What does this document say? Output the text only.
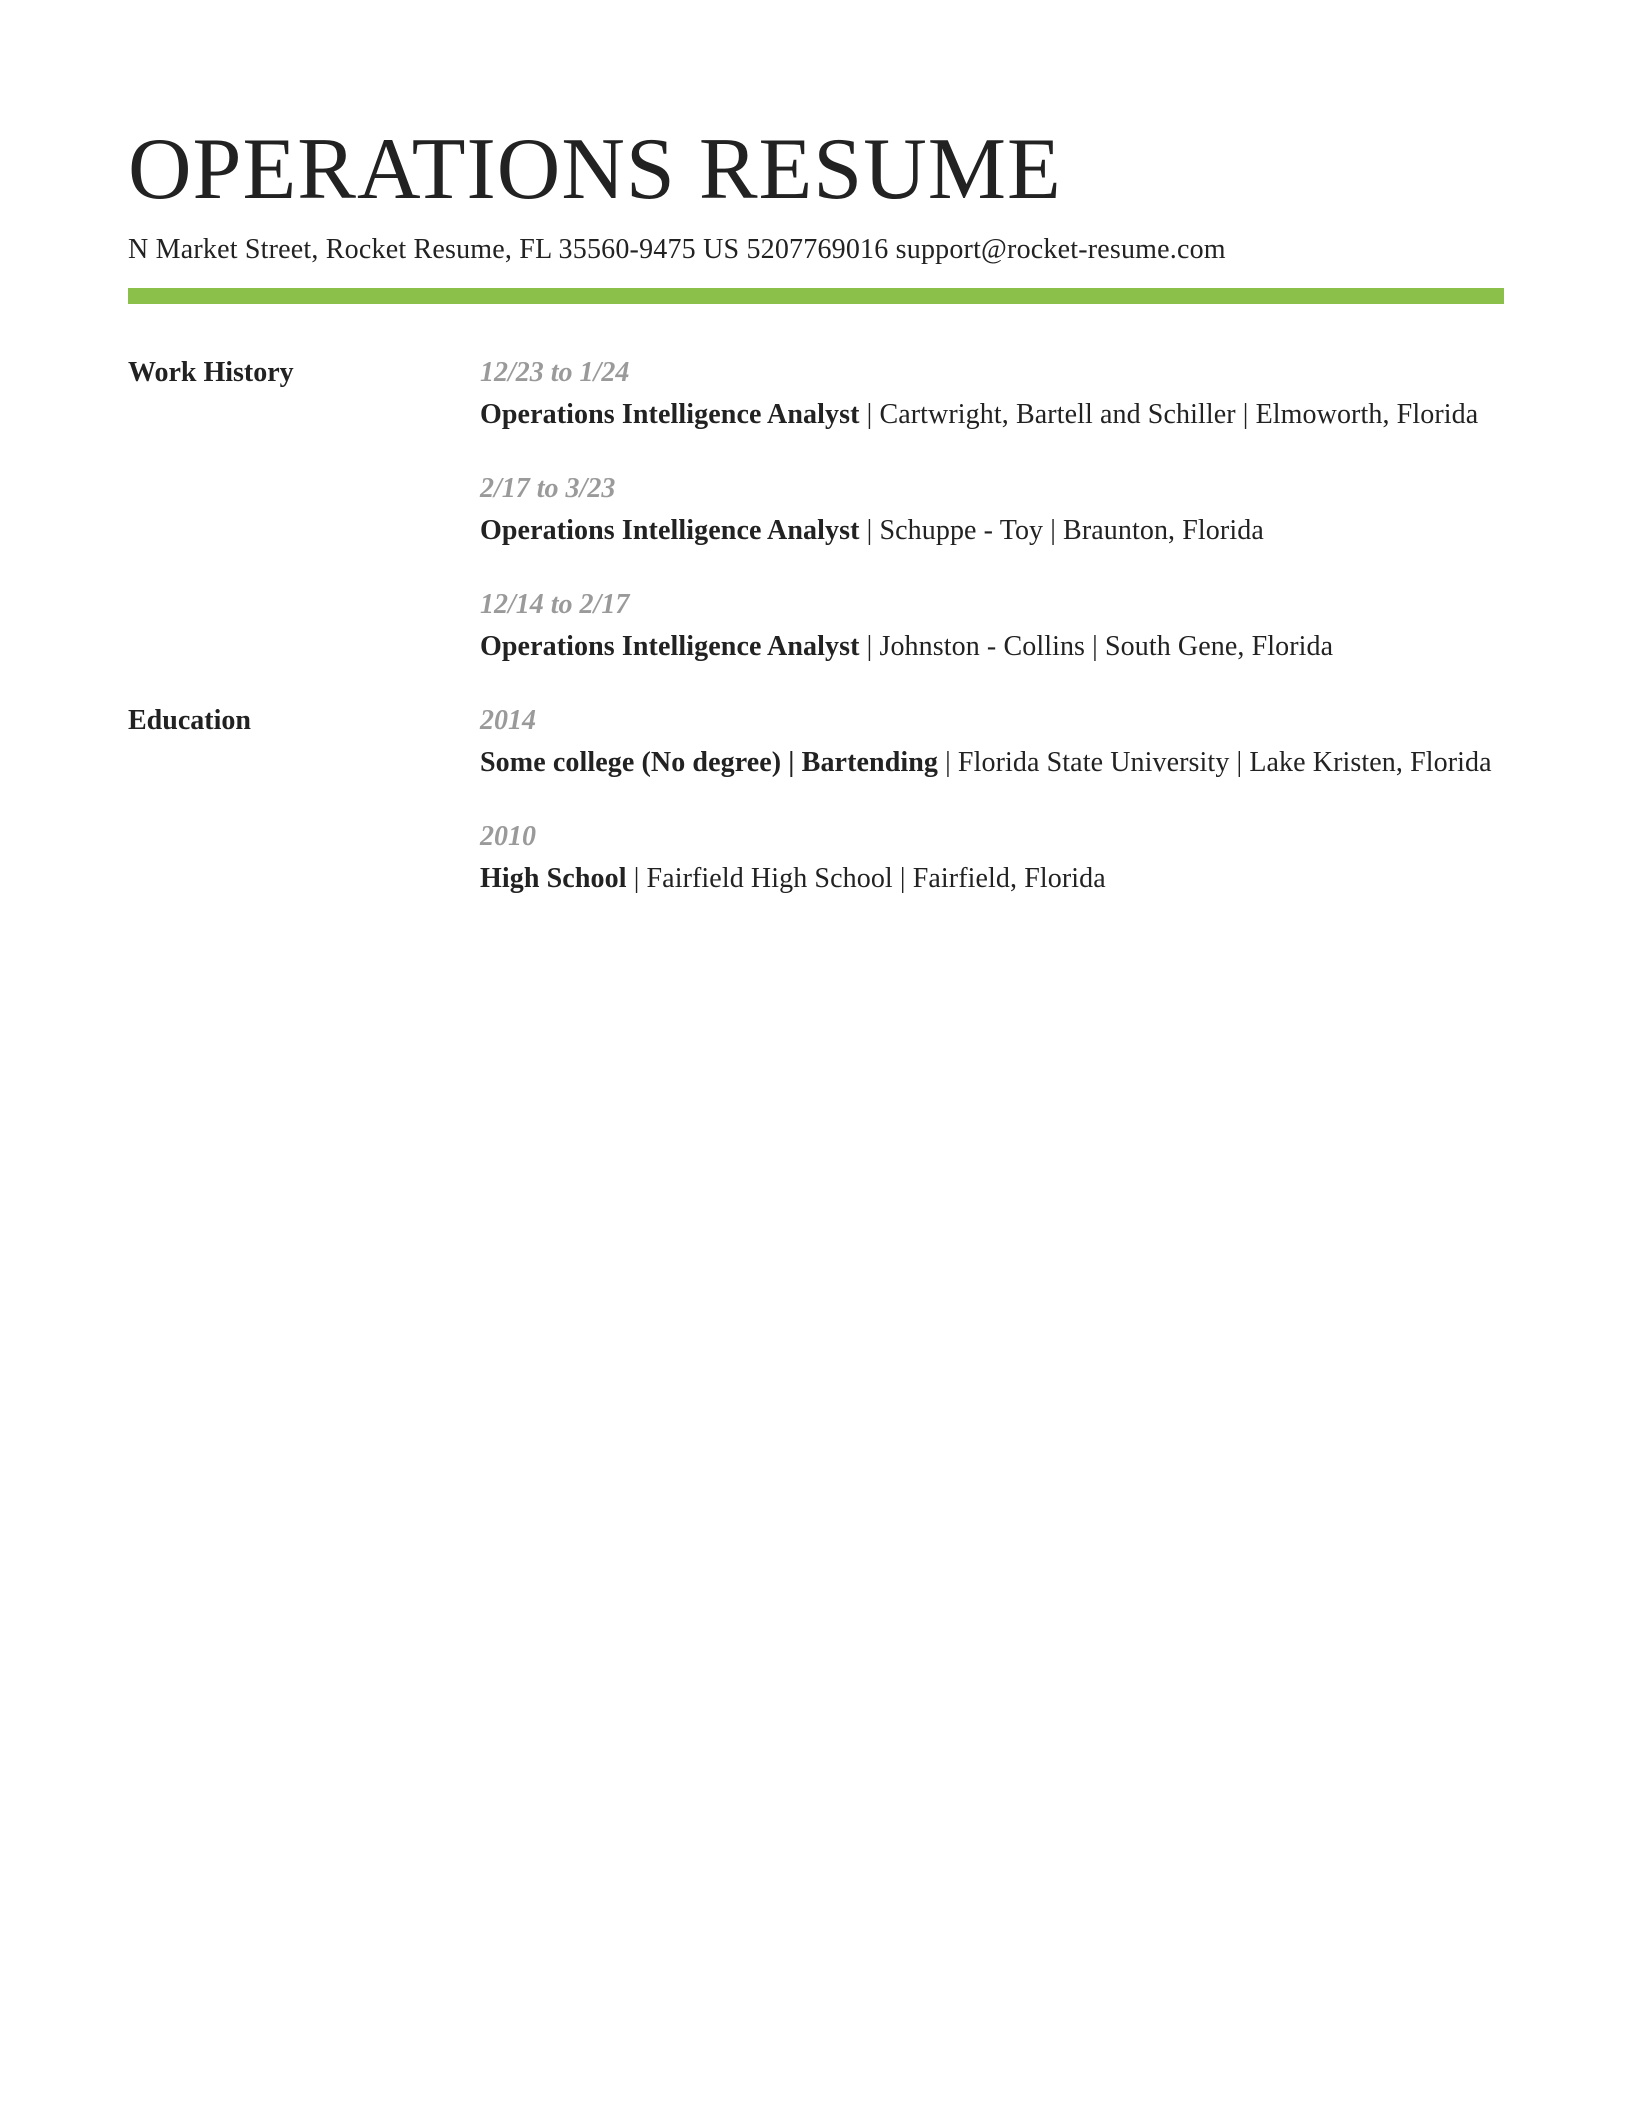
OPERATIONS RESUME
N Market Street, Rocket Resume, FL 35560-9475 US 5207769016 support@rocket-resume.com
Work History	12/23 to 1/24
Operations Intelligence Analyst | Cartwright, Bartell and Schiller | Elmoworth, Florida
2/17 to 3/23
Operations Intelligence Analyst | Schuppe - Toy | Braunton, Florida
12/14 to 2/17
Operations Intelligence Analyst | Johnston - Collins | South Gene, Florida
Education	2014
Some college (No degree) | Bartending | Florida State University | Lake Kristen, Florida
2010
High School | Fairfield High School | Fairfield, Florida
